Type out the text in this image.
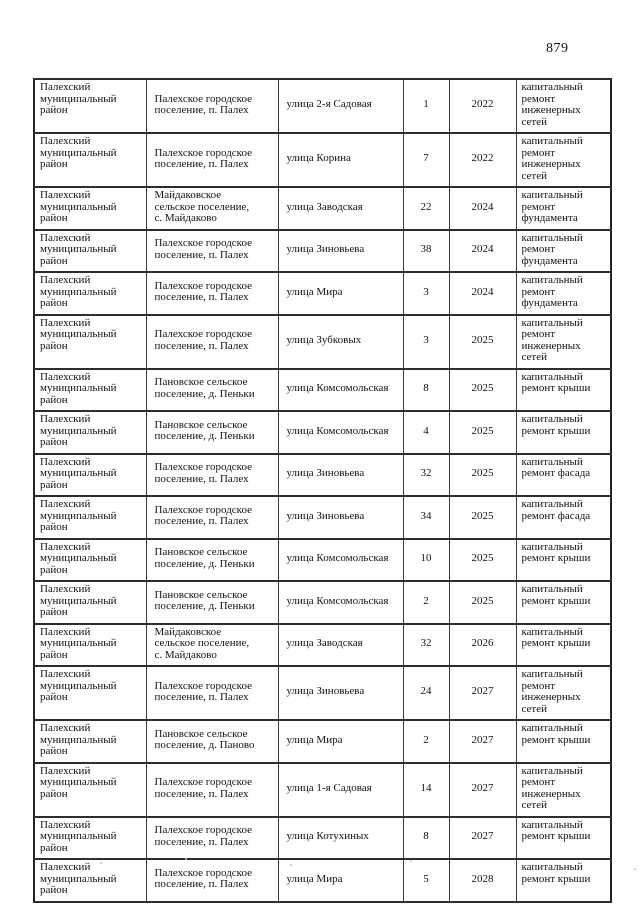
879
Палехский муниципальный район	Палехское городское поселение, п. Палех	улица 2-я Садовая	1	2022	капитальный ремонт инженерных сетей
Палехский муниципальный район	Палехское городское поселение, п. Палех	улица Корина	7	2022	капитальный ремонт инженерных сетей
Палехский муниципальный район	Майдаковское сельское поселение, с. Майдаково	улица Заводская	22	2024	капитальный ремонт фундамента
Палехский муниципальный район	Палехское городское поселение, п. Палех	улица Зиновьева	38	2024	капитальный ремонт фундамента
Палехский муниципальный район	Палехское городское поселение, п. Палех	улица Мира	3	2024	капитальный ремонт фундамента
Палехский муниципальный район	Палехское городское поселение, п. Палех	улица Зубковых	3	2025	капитальный ремонт инженерных сетей
Палехский муниципальный район	Пановское сельское поселение, д. Пеньки	улица Комсомольская	8	2025	капитальный ремонт крыши
Палехский муниципальный район	Пановское сельское поселение, д. Пеньки	улица Комсомольская	4	2025	капитальный ремонт крыши
Палехский муниципальный район	Палехское городское поселение, п. Палех	улица Зиновьева	32	2025	капитальный ремонт фасада
Палехский муниципальный район	Палехское городское поселение, п. Палех	улица Зиновьева	34	2025	капитальный ремонт фасада
Палехский муниципальный район	Пановское сельское поселение, д. Пеньки	улица Комсомольская	10	2025	капитальный ремонт крыши
Палехский муниципальный район	Пановское сельское поселение, д. Пеньки	улица Комсомольская	2	2025	капитальный ремонт крыши
Палехский муниципальный район	Майдаковское сельское поселение, с. Майдаково	улица Заводская	32	2026	капитальный ремонт крыши
Палехский муниципальный район	Палехское городское поселение, п. Палех	улица Зиновьева	24	2027	капитальный ремонт инженерных сетей
Палехский муниципальный район	Пановское сельское поселение, д. Паново	улица Мира	2	2027	капитальный ремонт крыши
Палехский муниципальный район	Палехское городское поселение, п. Палех	улица 1-я Садовая	14	2027	капитальный ремонт инженерных сетей
Палехский муниципальный район	Палехское городское поселение, п. Палех	улица Котухиных	8	2027	капитальный ремонт крыши
Палехский муниципальный район	Палехское городское поселение, п. Палех	улица Мира	5	2028	капитальный ремонт крыши
